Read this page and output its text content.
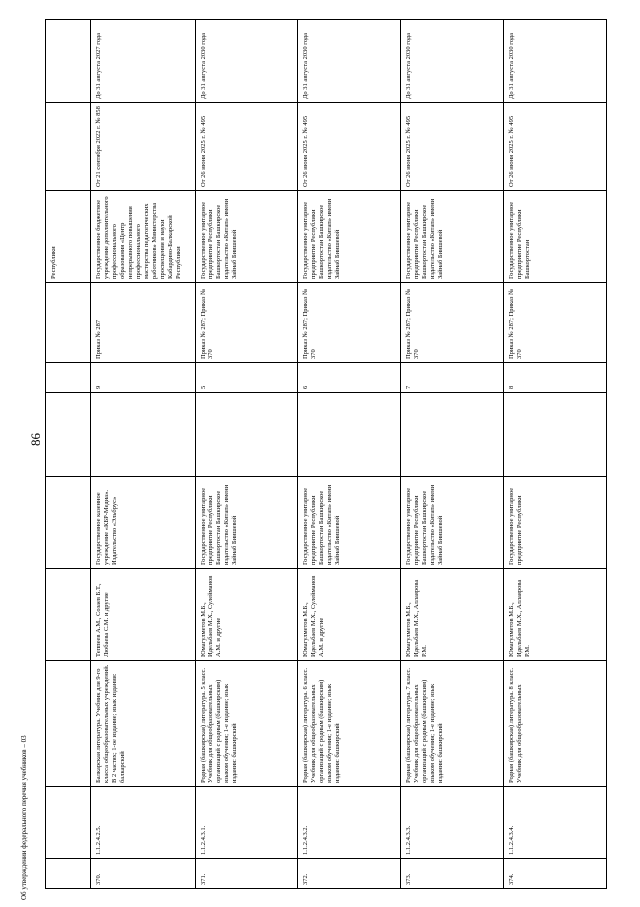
86
								Республики		
370.	1.1.2.4.2.5.	Балкарская литература. Учебник для 9-го класса общеобразовательных учреждений. В 2 частях; 1-ое издание; язык издания: балкарский	Теппеев А.М., Созаев Б.Т., Любаева С.М. и другие	Государственное казенное учреждение «КБР-Медиа». Издательство «Эльбрус»		9	Приказ № 287	Государственное бюджетное учреждение дополнительного профессионального образования «Центр непрерывного повышения профессионального мастерства педагогических работников» Министерства просвещения и науки Кабардино-Балкарской Республики	От 21 сентября 2022 г. № 858	До 31 августа 2027 года
371.	1.1.2.4.3.1.	Родная (башкирская) литература. 5 класс. Учебник для общеобразовательных организаций с родным (башкирским) языком обучения; 1-е издание; язык издания: башкирский	Юмагулметов М.Б., Идельбаев М.Х., Сулейманов А.М. и другие	Государственное унитарное предприятие Республики Башкортостан Башкирское издательство «Китап» имени Зайнаб Биишевой		5	Приказ № 287; Приказ № 370	Государственное унитарное предприятие Республики Башкортостан Башкирское издательство «Китап» имени Зайнаб Биишевой	От 26 июня 2025 г. № 495	До 31 августа 2030 года
372.	1.1.2.4.3.2.	Родная (башкирская) литература. 6 класс. Учебник для общеобразовательных организаций с родным (башкирским) языком обучения; 1-е издание; язык издания: башкирский	Юмагулметов М.Б., Идельбаев М.Х., Сулейманов А.М. и другие	Государственное унитарное предприятие Республики Башкортостан Башкирское издательство «Китап» имени Зайнаб Биишевой		6	Приказ № 287; Приказ № 370	Государственное унитарное предприятие Республики Башкортостан Башкирское издательство «Китап» имени Зайнаб Биишевой	От 26 июня 2025 г. № 495	До 31 августа 2030 года
373.	1.1.2.4.3.3.	Родная (башкирская) литература. 7 класс. Учебник для общеобразовательных организаций с родным (башкирским) языком обучения; 1-е издание; язык издания: башкирский	Юмагулметов М.Б., Идельбаев М.Х., Аллаярова Р.М.	Государственное унитарное предприятие Республики Башкортостан Башкирское издательство «Китап» имени Зайнаб Биишевой		7	Приказ № 287; Приказ № 370	Государственное унитарное предприятие Республики Башкортостан Башкирское издательство «Китап» имени Зайнаб Биишевой	От 26 июня 2025 г. № 495	До 31 августа 2030 года
374.	1.1.2.4.3.4.	Родная (башкирская) литература. 8 класс. Учебник для общеобразовательных	Юмагулметов М.Б., Идельбаев М.Х., Аллаярова Р.М.	Государственное унитарное предприятие Республики		8	Приказ № 287; Приказ № 370	Государственное унитарное предприятие Республики Башкортостан	От 26 июня 2025 г. № 495	До 31 августа 2030 года
Об утверждении федерального перечня учебников – 03
